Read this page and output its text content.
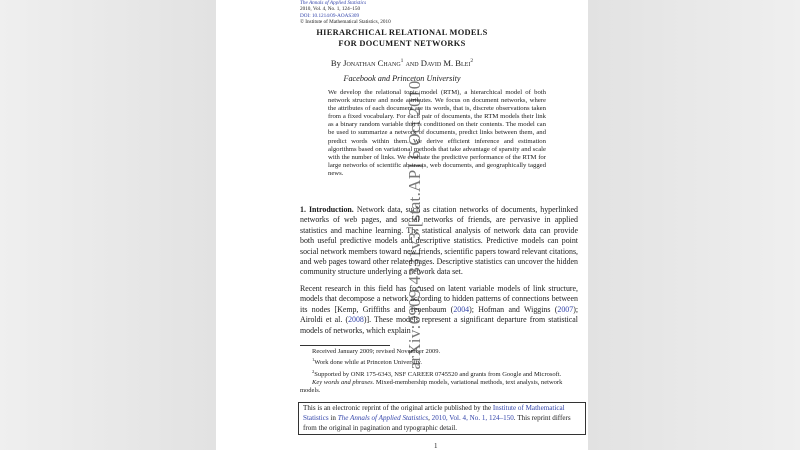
arXiv:0909.4331v3 [stat.AP] 6 Oct 2010
The Annals of Applied Statistics
2010, Vol. 4, No. 1, 124–150
DOI: 10.1214/09-AOAS309
© Institute of Mathematical Statistics, 2010
HIERARCHICAL RELATIONAL MODELS
FOR DOCUMENT NETWORKS
By Jonathan Chang$^1$ and David M. Blei$^2$
Facebook and Princeton University
We develop the relational topic model (RTM), a hierarchical model of both network structure and node attributes. We focus on document networks, where the attributes of each document are its words, that is, discrete observations taken from a fixed vocabulary. For each pair of documents, the RTM models their link as a binary random variable that is conditioned on their contents. The model can be used to summarize a network of documents, predict links between them, and predict words within them. We derive efficient inference and estimation algorithms based on variational methods that take advantage of sparsity and scale with the number of links. We evaluate the predictive performance of the RTM for large networks of scientific abstracts, web documents, and geographically tagged news.
1. Introduction. Network data, such as citation networks of documents, hyperlinked networks of web pages, and social networks of friends, are pervasive in applied statistics and machine learning. The statistical analysis of network data can provide both useful predictive models and descriptive statistics. Predictive models can point social network members toward new friends, scientific papers toward relevant citations, and web pages toward other related pages. Descriptive statistics can uncover the hidden community structure underlying a network data set.
Recent research in this field has focused on latent variable models of link structure, models that decompose a network according to hidden patterns of connections between its nodes [Kemp, Griffiths and Tenenbaum (2004); Hofman and Wiggins (2007); Airoldi et al. (2008)]. These models represent a significant departure from statistical models of networks, which explain

Received January 2009; revised November 2009.

$^1$Work done while at Princeton University.

$^2$Supported by ONR 175-6343, NSF CAREER 0745520 and grants from Google and Microsoft.

Key words and phrases. Mixed-membership models, variational methods, text analysis, network models.

This is an electronic reprint of the original article published by the Institute of Mathematical Statistics in The Annals of Applied Statistics, 2010, Vol. 4, No. 1, 124–150. This reprint differs from the original in pagination and typographic detail.
1
